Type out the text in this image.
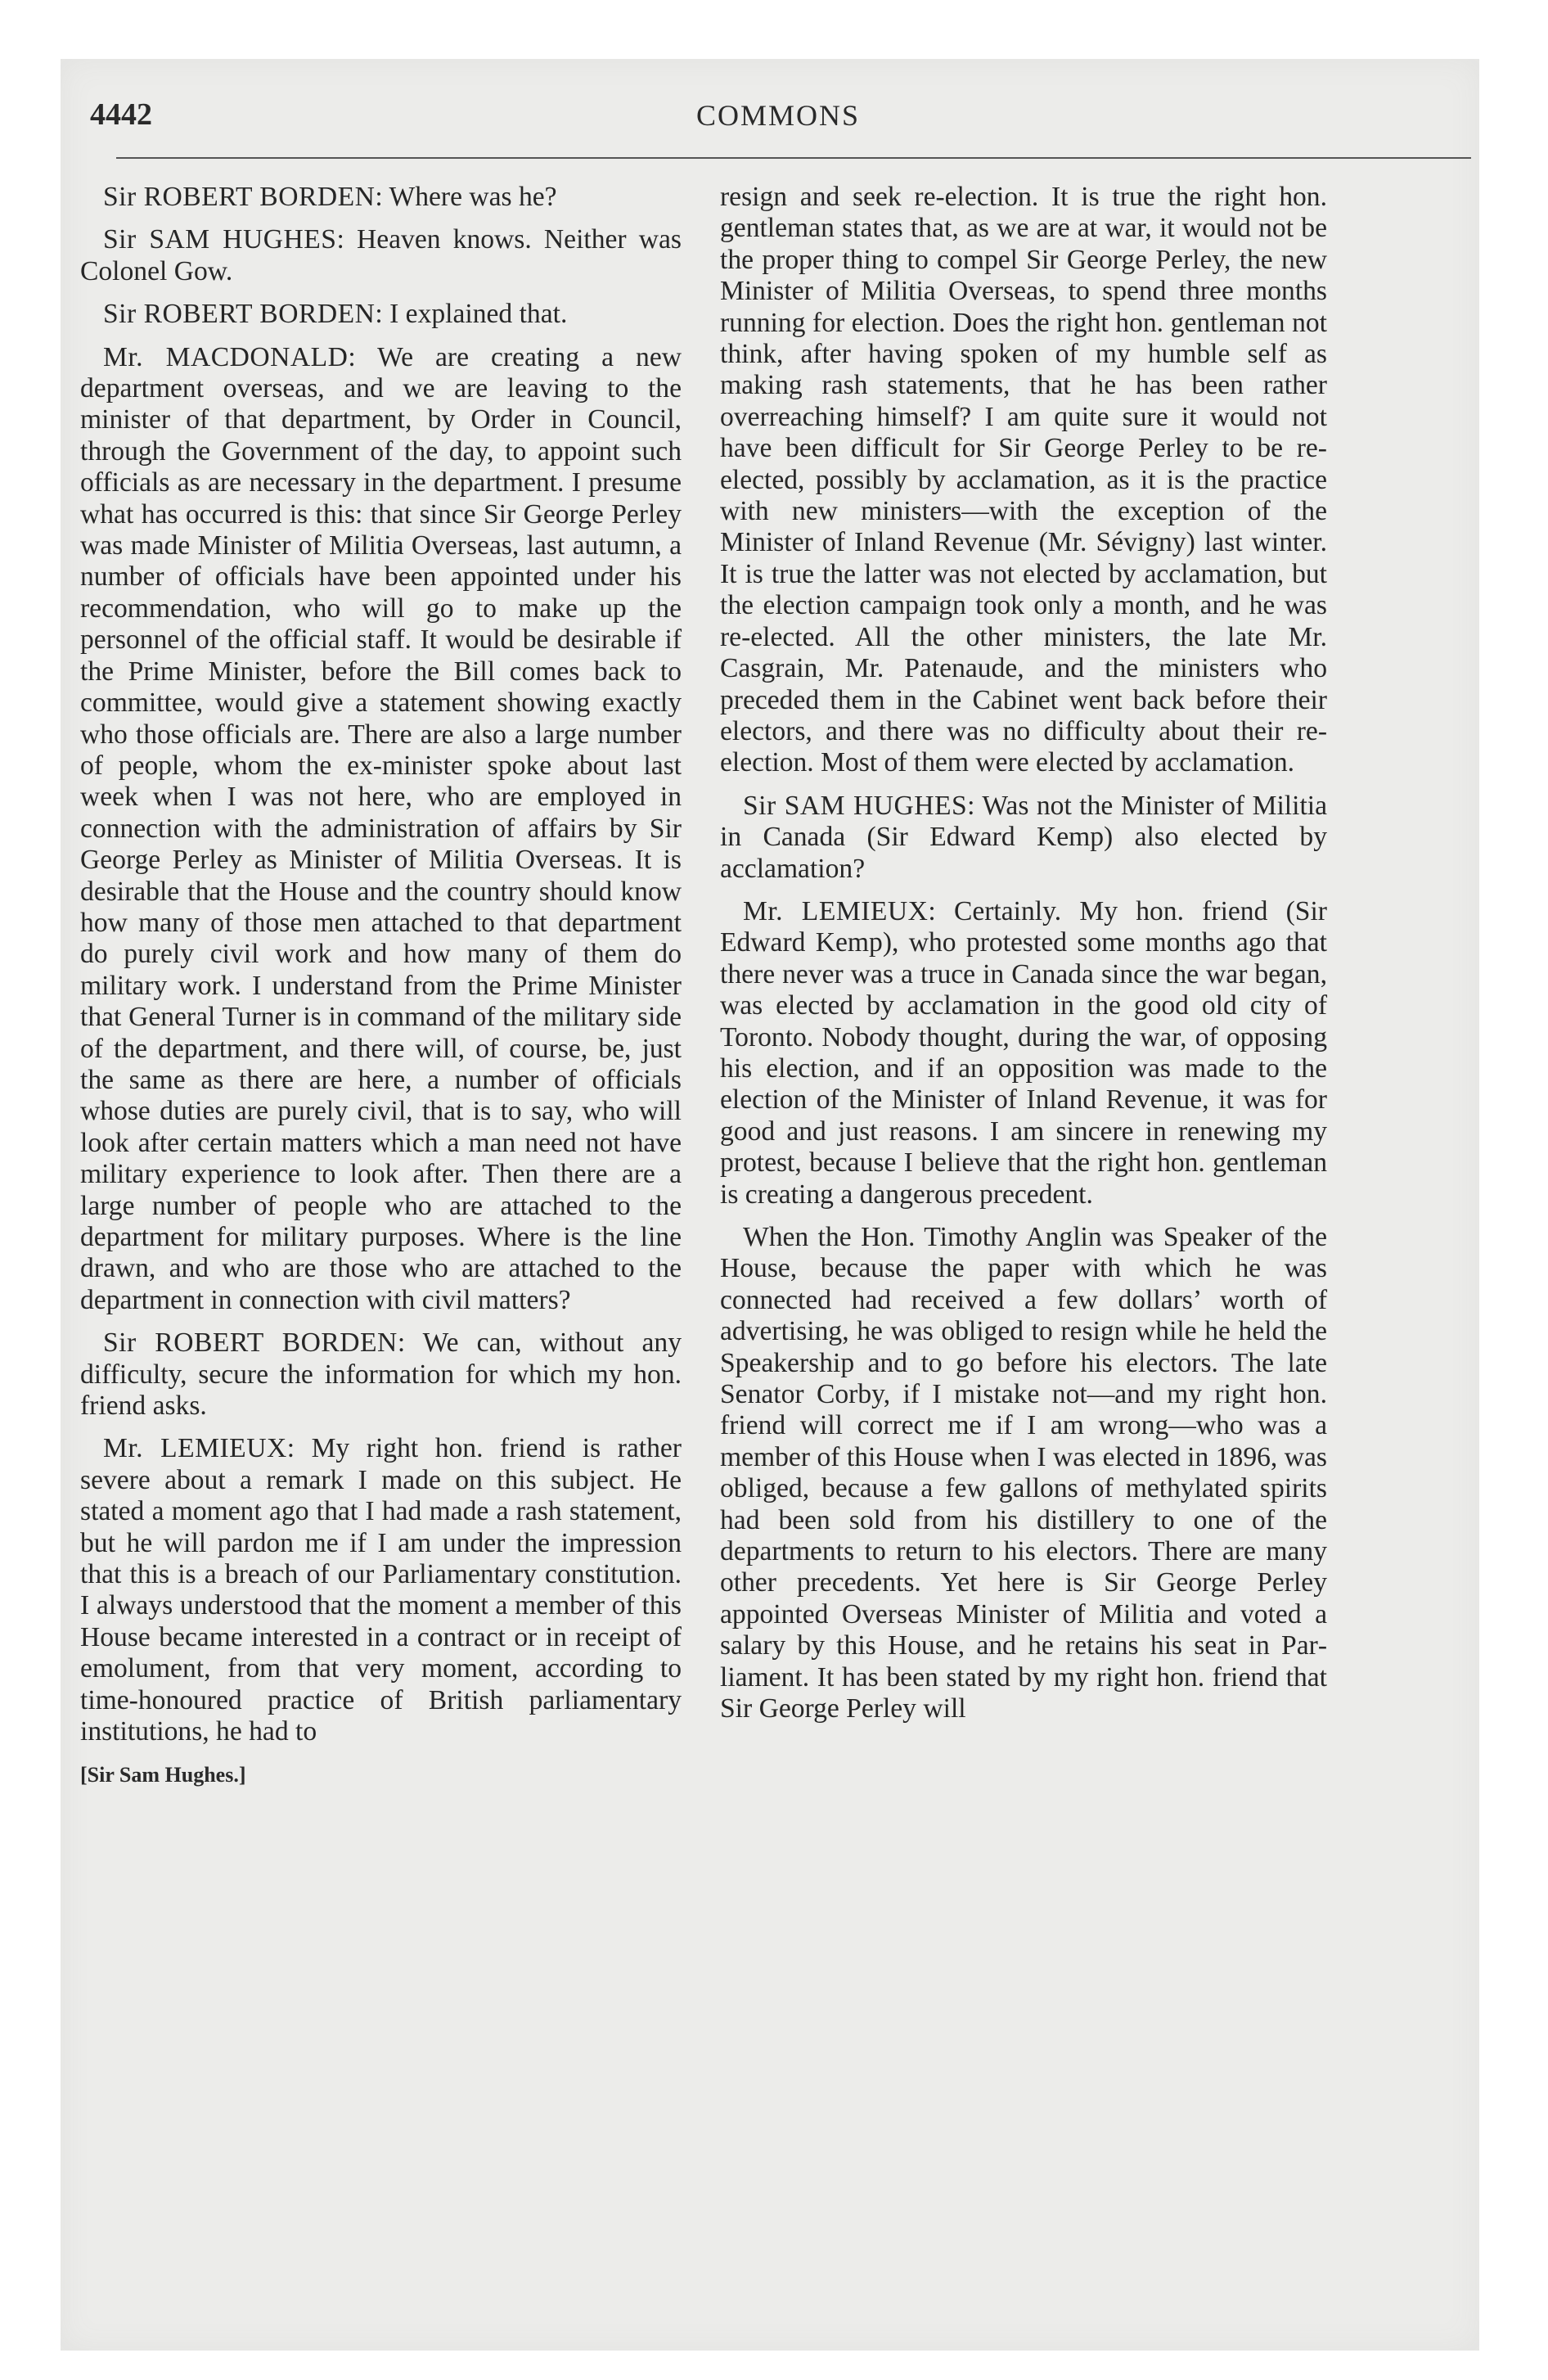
4442	COMMONS

Sir ROBERT BORDEN: Where was he?

Sir SAM HUGHES: Heaven knows. Neither was Colonel Gow.

Sir ROBERT BORDEN: I explained that.

Mr. MACDONALD: We are creating a new department overseas, and we are leaving to the minister of that department, by Order in Council, through the Government of the day, to appoint such officials as are necessary in the department. I presume what has occurred is this: that since Sir George Perley was made Minister of Militia Overseas, last autumn, a number of officials have been appointed under his recommendation, who will go to make up the personnel of the official staff. It would be desirable if the Prime Minister, before the Bill comes back to committee, would give a statement showing exactly who those officials are. There are also a large number of people, whom the ex-minister spoke about last week when I was not here, who are employed in connection with the administration of affairs by Sir George Perley as Minister of Militia Overseas. It is desirable that the House and the country should know how many of those men attached to that department do purely civil work and how many of them do military work. I understand from the Prime Minister that General Turner is in command of the military side of the department, and there will, of course, be, just the same as there are here, a number of officials whose duties are purely civil, that is to say, who will look after certain matters which a man need not have military experience to look after. Then there are a large number of people who are attached to the department for military purposes. Where is the line drawn, and who are those who are attached to the department in connection with civil matters?

Sir ROBERT BORDEN: We can, without any difficulty, secure the information for which my hon. friend asks.

Mr. LEMIEUX: My right hon. friend is rather severe about a remark I made on this subject. He stated a moment ago that I had made a rash statement, but he will pardon me if I am under the impression that this is a breach of our Parliamentary constitution. I always understood that the moment a member of this House became interested in a contract or in receipt of emolument, from that very moment, according to time-honoured practice of British parliamentary institutions, he had to

[Sir Sam Hughes.]

resign and seek re-election. It is true the right hon. gentleman states that, as we are at war, it would not be the proper thing to compel Sir George Perley, the new Minister of Militia Overseas, to spend three months running for election. Does the right hon. gentleman not think, after having spoken of my humble self as making rash statements, that he has been rather overreaching himself? I am quite sure it would not have been difficult for Sir George Perley to be re-elected, possibly by acclamation, as it is the practice with new ministers—with the exception of the Minister of Inland Revenue (Mr. Sévigny) last winter. It is true the latter was not elected by acclamation, but the election campaign took only a month, and he was re-elected. All the other ministers, the late Mr. Casgrain, Mr. Patenaude, and the ministers who preceded them in the Cabinet went back before their electors, and there was no difficulty about their re-election. Most of them were elected by acclamation.

Sir SAM HUGHES: Was not the Minister of Militia in Canada (Sir Edward Kemp) also elected by acclamation?

Mr. LEMIEUX: Certainly. My hon. friend (Sir Edward Kemp), who protested some months ago that there never was a truce in Canada since the war began, was elected by acclamation in the good old city of Toronto. Nobody thought, during the war, of opposing his election, and if an opposition was made to the election of the Minister of Inland Revenue, it was for good and just reasons. I am sincere in renewing my protest, because I believe that the right hon. gentleman is creating a dangerous precedent.

When the Hon. Timothy Anglin was Speaker of the House, because the paper with which he was connected had received a few dollars’ worth of advertising, he was obliged to resign while he held the Speakership and to go before his electors. The late Senator Corby, if I mistake not—and my right hon. friend will correct me if I am wrong—who was a member of this House when I was elected in 1896, was obliged, because a few gallons of methylated spirits had been sold from his distillery to one of the departments to return to his electors. There are many other precedents. Yet here is Sir George Perley appointed Overseas Minister of Militia and voted a salary by this House, and he retains his seat in Parliament. It has been stated by my right hon. friend that Sir George Perley will
